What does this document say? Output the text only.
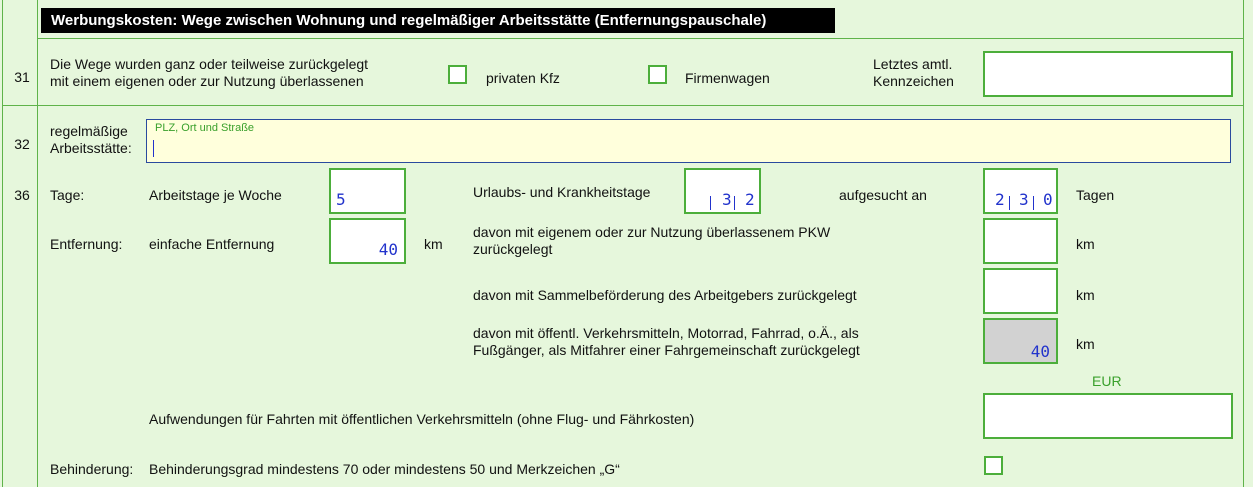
Werbungskosten: Wege zwischen Wohnung und regelmäßiger Arbeitsstätte (Entfernungspauschale)
31
Die Wege wurden ganz oder teilweise zurückgelegt
mit einem eigenen oder zur Nutzung überlassenen	privaten Kfz	Firmenwagen
Letztes amtl.
Kennzeichen
32
regelmäßige
Arbeitsstätte:
PLZ, Ort und Straße
36	Tage:	Arbeitstage je Woche	5	Urlaubs- und Krankheitstage	3 2	aufgesucht an	2 3 0 Tagen
Entfernung: einfache Entfernung	40 km
davon mit eigenem oder zur Nutzung überlassenem PKW
zurückgelegt	km
davon mit Sammelbeförderung des Arbeitgebers zurückgelegt	km
davon mit öffentl. Verkehrsmitteln, Motorrad, Fahrrad, o.Ä., als
Fußgänger, als Mitfahrer einer Fahrgemeinschaft zurückgelegt	40 km
EUR
Aufwendungen für Fahrten mit öffentlichen Verkehrsmitteln (ohne Flug- und Fährkosten)
Behinderung: Behinderungsgrad mindestens 70 oder mindestens 50 und Merkzeichen „G“
